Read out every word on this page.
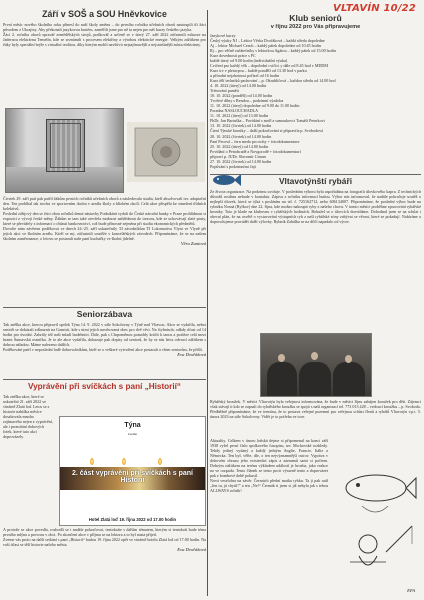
VLTAVÍN 10/22
Září v SOŠ a SOU Hněvkovice

První měsíc nového školního roku přinesl do naší školy změnu – do prvního ročníku učebních oborů nastoupili tři žáci původem z Ukrajiny. Aby překonali jazykovou bariéru, zaměřili jsme pro ně ta nejen pro náš kurzy českého jazyka.

Žáci 2. ročníku oborů opravář zemědělských strojů, podkovář a určeně se v úterý 27. září 2022 zúčastnili exkurze na Jadernou elektrárnu Temelín, kde se seznámili s procesem elektřiny a výrobou elektrické energie. Velkým zážitkem pro žáky byly speciální brýle s virtuální realitou, díky kterým mohli navštívit nejzajímavější a nejstaršinější místa elektrárny.

Čtvrtek 29. září patí pak patřil žákům prvních ročníků učebních oborů a následovala studia, kteří absolvovali tzv. adaptační den. Ten probíhal tak trochu ve sportovním duchu v areálu školy a blízkém okolí. Celá akce přispěla ke stmelení třídních kolektivů.

Poslední zářijový den se žáci obou ročníků denní nástavby Podnikání vydali do České národní banky v Praze prohlídnout si expozici o vývoji české měny. Žákům se tam také otevřela možnost nahlédnout do trezoru, kde se uchovávají zlaté pruty, které se převážely z informací o oblasti bankovnictví, což bude přínosné zejména při studiu ekonomických předmětů.

Dovolte nám závěrem poděkovat ve dnech 24.-25. září uskutečnily 33 závodníkům TJ Lokomotiva Vlyni ve Vlyně při jejich akci ve školním areálu. Kteří se mj. zúčastnili soutěže v kancelářských závodech. Připomínáme, že se na našem školním zaměstnance, o letovu se postarali naše paní kuchařky ve školní jídelně.

Věra Zuntová

Seniorzábava

Tak znělka akce, kterou připravil spolek Týna 14. 9. 2022 v sále Sokolovny v Týně nad Vltavou. Akce se vydařila, nebot senioři se dokázali zdůraznit na Gomisti, kde s nimi jejich navrhovaná obec pro dvě věci. Na čtyřnásob, odkdy účast od 14 hodin pro úvodní. Zahrály též naši mladí hudebníci. Dále, pak s Chrpoměnou pomohly kráčit k tancu a posléze celá mezi hrami Šumavská osmička. Je to ale akce vydařila, dokazuje pak dopisy od seniorů, že by se nás letos odvrací zážitkem s dobrou náladou. Máme nalezeno dalších.

Poděkování patří v neposlední řadě dobrovolníkům, kteří se o veškeré vytvoření akce postarali a všem seniorům, že přišli.

Eva Dvořáková

Vyprávění při svíčkách s paní „Historií“

Tak znělka akce, které se uskuteční 21. září 2022 ve vinárně Zlatá lod. Letos se z historie nabídka měsíce dosahovala mnoho zajímavého nejen z vyprávění, ale i promítání dobových fotek, které tuto akci doprovázely.

Týna
zveme
2. část vyprávění při svíčkách s paní Historií
Hotel Zlatá loď 19. října 2022 od 17.00 hodin

A protože se akce povedla, rozhodli se i nadále pokračovat, tentokráte s dalším tématem, kterým si tentokrát bude téma prvního mlýna a provozu v obci. Po skončení akce v příjmu se na lektora a to byl nasta přijetí.

Zveme vás proto na další setkání s paní „Historií“ budou 19. října 2022 opět ve vinárně hotelu Zlatá lod od 17:00 hodin. Na vaši účast se těší historie našeho města.

Eva Dvořáková

Klub seniorů

v říjnu 2022 pro Vás připravujeme

Jazykové kurzy

Český výuky NJ – Lektor Věrka Dvořáková – každá středa dopoledne

Aj – lektor Michael Ceach – každý pátek dopoledne od 10.45 hodin

Rj – pro věčně začátečníky s lektorkou Agátou – každý pátek od 15.00 hodin

Kurz dovednosti práce s PC

každé úterý od 9.00 hodin (individuální výuka)

Cvičení pro každý věk – dopolední cvičíci y dále od 8.45 hod v MDDM

Kurz trv v pletacpou – každé pondělí od 13.30 hod v parku

u přírodní nejzhotnost pořízel od 16 hodin

Kurz tělí techniků pachování – p. Okruhličová – každou středu od 14.00 hod

4. 10. 2022 (úterý) od 14.00 hodin

Trénování paměti

10. 10. 2022 (pondělí) od 14.00 hodin

Tvořivé dílny s Rendou – podzimní výzdoba

11. 10. 2022 (úterý) dopoledne od 9.00 do 11.00 hodin

Poradna NASLOUCHADLA

11. 10. 2022 (úterý) od 13.00 hodin

PhDr. Jan Bartuška – Povídání s mořl a samoukovci Tomáši Peterkovi

13. 10. 2022 (čtvrtek) od 14.00 hodin

Čtení Týnské kroniky – další pokračování si připravila p. Svobodová

20. 10. 2022 (čtvrtek) od 14.00 hodin

Paní Pecová – fern medo pro nohy + fotodokumentace

25. 10. 2022 (úterý) od 14.00 hodin

Povídání o Petrohradě a Novgorodě + fotodokumentací

připraví p. JUDr. Slavomír Ciman

27. 10. 2022 (čtvrtek) od 14.00 hodin

Popůvání s podzimními čaji

Vltavotýnští rybáři

Ze života organizace. Na podzimu uvoluje. V posledním výboru byla uspořádána na fotografii úlovkového kapra. Z technických důvodů rostlinu nebude v kontaktu. Zápisu z ročníku informací budou. Výbor nás informoval, že nadále pokračuje soutěž o nejlepší úlovek, která se týká s posláním nu tel. č. 725162712, nebo 606134007. Připomínáme, že poslední výbor bude na rybníku Nosná (Bylkov) dne 22. října, kde možno nakoupit ryby z našeho chovu. V tomto měsíci proběhne zpracování rybářské kroniky. Toto je klade na klubovnu v rybářských hodinách. Bohužel se o úlovcích dozvídáme. Dohodnul jsem se na schůzi i obecní plán, že na osvětě o vystavování výstupních ryb z naší rybářské zóny zabývat se věcmi, které se požadují. Nabízíme a doporučujeme provádět další výlovky. Rybník Zahálka se na dílčí napadalo od výrov.

Rybářský kroužek. V měsíci Vltavotýn byla veřejnost informována, že bude v měsíci říjnu zahájen kroužek pro děti. Zájemci však stávají ti kdo se zapsali do rybářského kroužku se spojit s naší organizací tel. 773 013 428 – vedoucí kroužku – p. Svoboda.

Předběžně připomínáme, že ve termínu, že to postava veřejné pozemní pro veřejnou schůzi členů a rybářů Vltavotýn v.p.t. 5. února 2023 na sále Sokolovny. Vidět je to potřeba ve toce.

Aktuality. Celkem v únoru loňská dejme si připomenul na konci září 1938 vyšel první číslo spolkového časopisu, tzv. Mrchovské rozhledy. Tehdy jediný vydaný a každý jedným Anglie, Francie, Itálie a Německa. Ten byl, věřte, dle, o ten nejvýznamnější ostrov. Vypráva v dobovém obrazu jeho existenční zápis a záznamů sami si počtem. Dobrým zážitkem na terénu výkladem událostí je hrozba, jako reakce na ve rozpadu. Tento článek se tento pocit výrazně tento a doprovázet pak z bombové době pokusil.

Nová veselohra na závěr. Čermách přední matka rybku. Ta ji pak radí „Jen tu, já chytil!” a ten „Ne!“ Čermák ti jsem si již nebyla jak s tebou ALLWAYS ročník!

EFA
